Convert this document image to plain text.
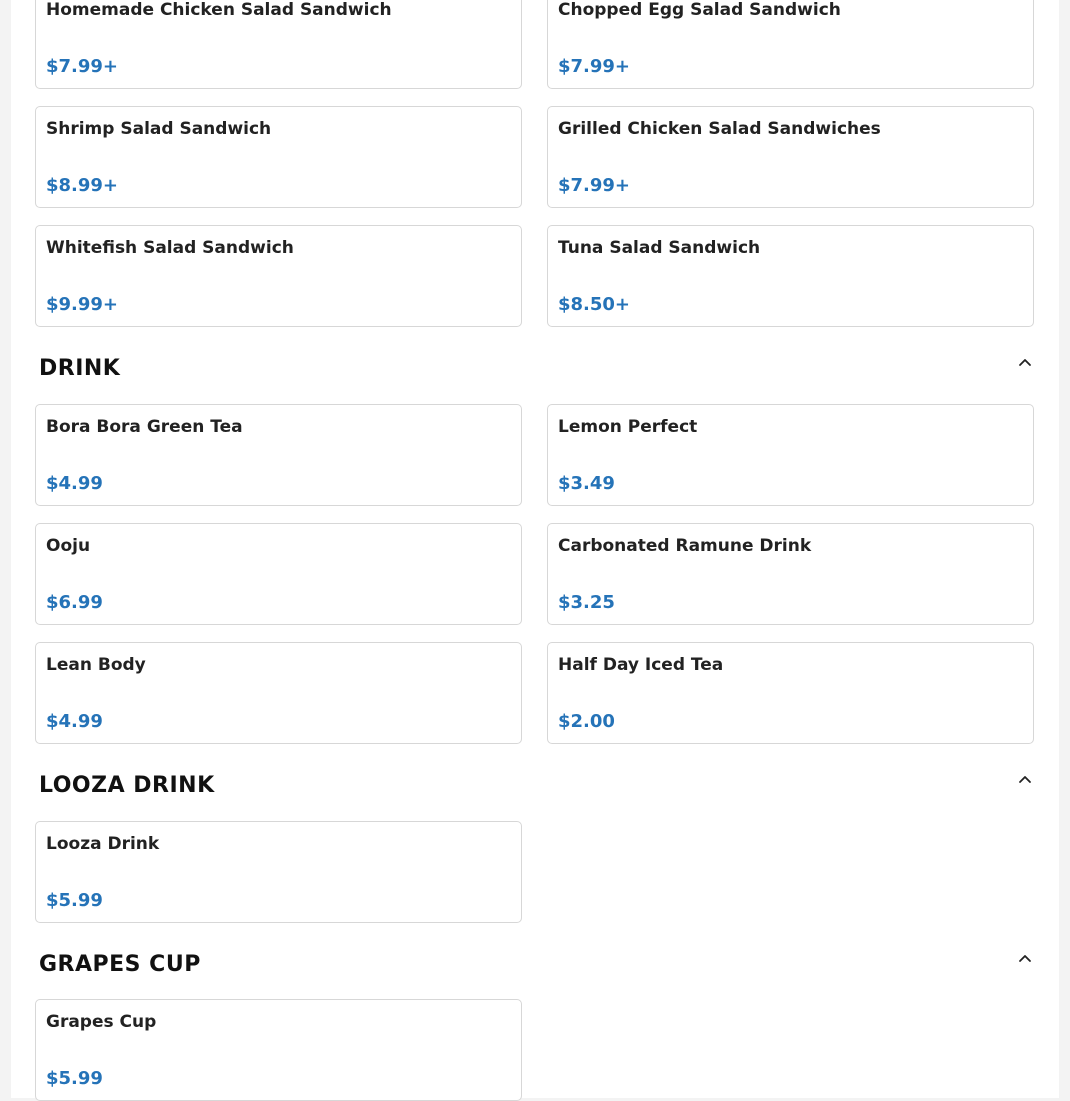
Homemade Chicken Salad Sandwich
$7.99+
Chopped Egg Salad Sandwich
$7.99+
Shrimp Salad Sandwich
$8.99+
Grilled Chicken Salad Sandwiches
$7.99+
Whitefish Salad Sandwich
$9.99+
Tuna Salad Sandwich
$8.50+
DRINK
Bora Bora Green Tea
$4.99
Lemon Perfect
$3.49
Ooju
$6.99
Carbonated Ramune Drink
$3.25
Lean Body
$4.99
Half Day Iced Tea
$2.00
LOOZA DRINK
Looza Drink
$5.99
GRAPES CUP
Grapes Cup
$5.99
